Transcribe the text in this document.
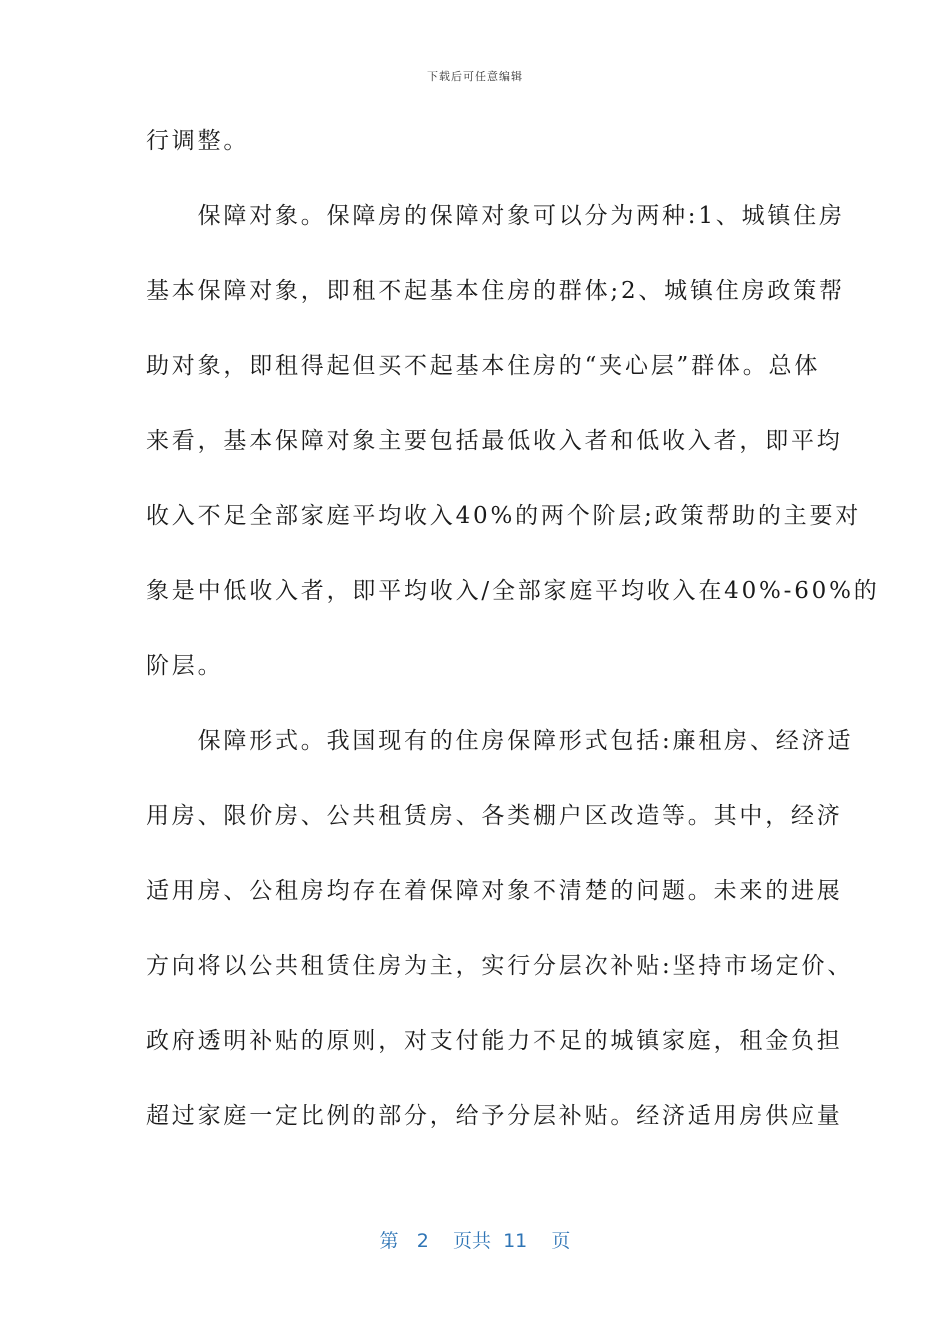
下载后可任意编辑
行调整。
　　保障对象。保障房的保障对象可以分为两种:1、城镇住房
基本保障对象，即租不起基本住房的群体;2、城镇住房政策帮
助对象，即租得起但买不起基本住房的“夹心层”群体。总体
来看，基本保障对象主要包括最低收入者和低收入者，即平均
收入不足全部家庭平均收入40%的两个阶层;政策帮助的主要对
象是中低收入者，即平均收入/全部家庭平均收入在40%-60%的
阶层。
　　保障形式。我国现有的住房保障形式包括:廉租房、经济适
用房、限价房、公共租赁房、各类棚户区改造等。其中，经济
适用房、公租房均存在着保障对象不清楚的问题。未来的进展
方向将以公共租赁住房为主，实行分层次补贴:坚持市场定价、
政府透明补贴的原则，对支付能力不足的城镇家庭，租金负担
超过家庭一定比例的部分，给予分层补贴。经济适用房供应量
第 2 页共 11 页
